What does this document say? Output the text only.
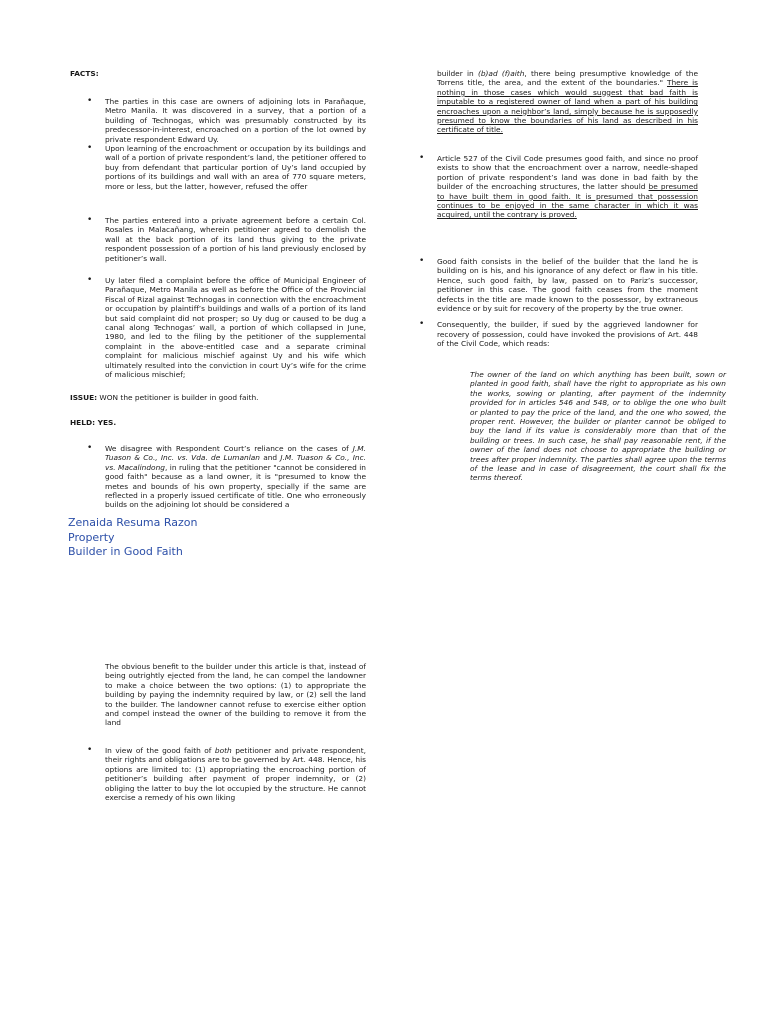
FACTS:

• The parties in this case are owners of adjoining lots in Parañaque, Metro Manila. It was discovered in a survey, that a portion of a building of Technogas, which was presumably constructed by its predecessor-in-interest, encroached on a portion of the lot owned by private respondent Edward Uy.
• Upon learning of the encroachment or occupation by its buildings and wall of a portion of private respondent’s land, the petitioner offered to buy from defendant that particular portion of Uy’s land occupied by portions of its buildings and wall with an area of 770 square meters, more or less, but the latter, however, refused the offer
• The parties entered into a private agreement before a certain Col. Rosales in Malacañang, wherein petitioner agreed to demolish the wall at the back portion of its land thus giving to the private respondent possession of a portion of his land previously enclosed by petitioner’s wall.
• Uy later filed a complaint before the office of Municipal Engineer of Parañaque, Metro Manila as well as before the Office of the Provincial Fiscal of Rizal against Technogas in connection with the encroachment or occupation by plaintiff’s buildings and walls of a portion of its land but said complaint did not prosper; so Uy dug or caused to be dug a canal along Technogas’ wall, a portion of which collapsed in June, 1980, and led to the filing by the petitioner of the supplemental complaint in the above-entitled case and a separate criminal complaint for malicious mischief against Uy and his wife which ultimately resulted into the conviction in court Uy’s wife for the crime of malicious mischief;

ISSUE: WON the petitioner is builder in good faith.

HELD: YES.

• We disagree with Respondent Court’s reliance on the cases of J.M. Tuason & Co., Inc. vs. Vda. de Lumanlan and J.M. Tuason & Co., Inc. vs. Macalindong, in ruling that the petitioner "cannot be considered in good faith" because as a land owner, it is "presumed to know the metes and bounds of his own property, specially if the same are reflected in a properly issued certificate of title. One who erroneously builds on the adjoining lot should be considered a
Zenaida Resuma Razon
Property
Builder in Good Faith

The obvious benefit to the builder under this article is that, instead of being outrightly ejected from the land, he can compel the landowner to make a choice between the two options: (1) to appropriate the building by paying the indemnity required by law, or (2) sell the land to the builder. The landowner cannot refuse to exercise either option and compel instead the owner of the building to remove it from the land

• In view of the good faith of both petitioner and private respondent, their rights and obligations are to be governed by Art. 448. Hence, his options are limited to: (1) appropriating the encroaching portion of petitioner’s building after payment of proper indemnity, or (2) obliging the latter to buy the lot occupied by the structure. He cannot exercise a remedy of his own liking

builder in (b)ad (f)aith, there being presumptive knowledge of the Torrens title, the area, and the extent of the boundaries." There is nothing in those cases which would suggest that bad faith is imputable to a registered owner of land when a part of his building encroaches upon a neighbor’s land, simply because he is supposedly presumed to know the boundaries of his land as described in his certificate of title.

• Article 527 of the Civil Code presumes good faith, and since no proof exists to show that the encroachment over a narrow, needle-shaped portion of private respondent’s land was done in bad faith by the builder of the encroaching structures, the latter should be presumed to have built them in good faith. It is presumed that possession continues to be enjoyed in the same character in which it was acquired, until the contrary is proved.
• Good faith consists in the belief of the builder that the land he is building on is his, and his ignorance of any defect or flaw in his title. Hence, such good faith, by law, passed on to Pariz’s successor, petitioner in this case. The good faith ceases from the moment defects in the title are made known to the possessor, by extraneous evidence or by suit for recovery of the property by the true owner.
• Consequently, the builder, if sued by the aggrieved landowner for recovery of possession, could have invoked the provisions of Art. 448 of the Civil Code, which reads:
The owner of the land on which anything has been built, sown or planted in good faith, shall have the right to appropriate as his own the works, sowing or planting, after payment of the indemnity provided for in articles 546 and 548, or to oblige the one who built or planted to pay the price of the land, and the one who sowed, the proper rent. However, the builder or planter cannot be obliged to buy the land if its value is considerably more than that of the building or trees. In such case, he shall pay reasonable rent, if the owner of the land does not choose to appropriate the building or trees after proper indemnity. The parties shall agree upon the terms of the lease and in case of disagreement, the court shall fix the terms thereof.
